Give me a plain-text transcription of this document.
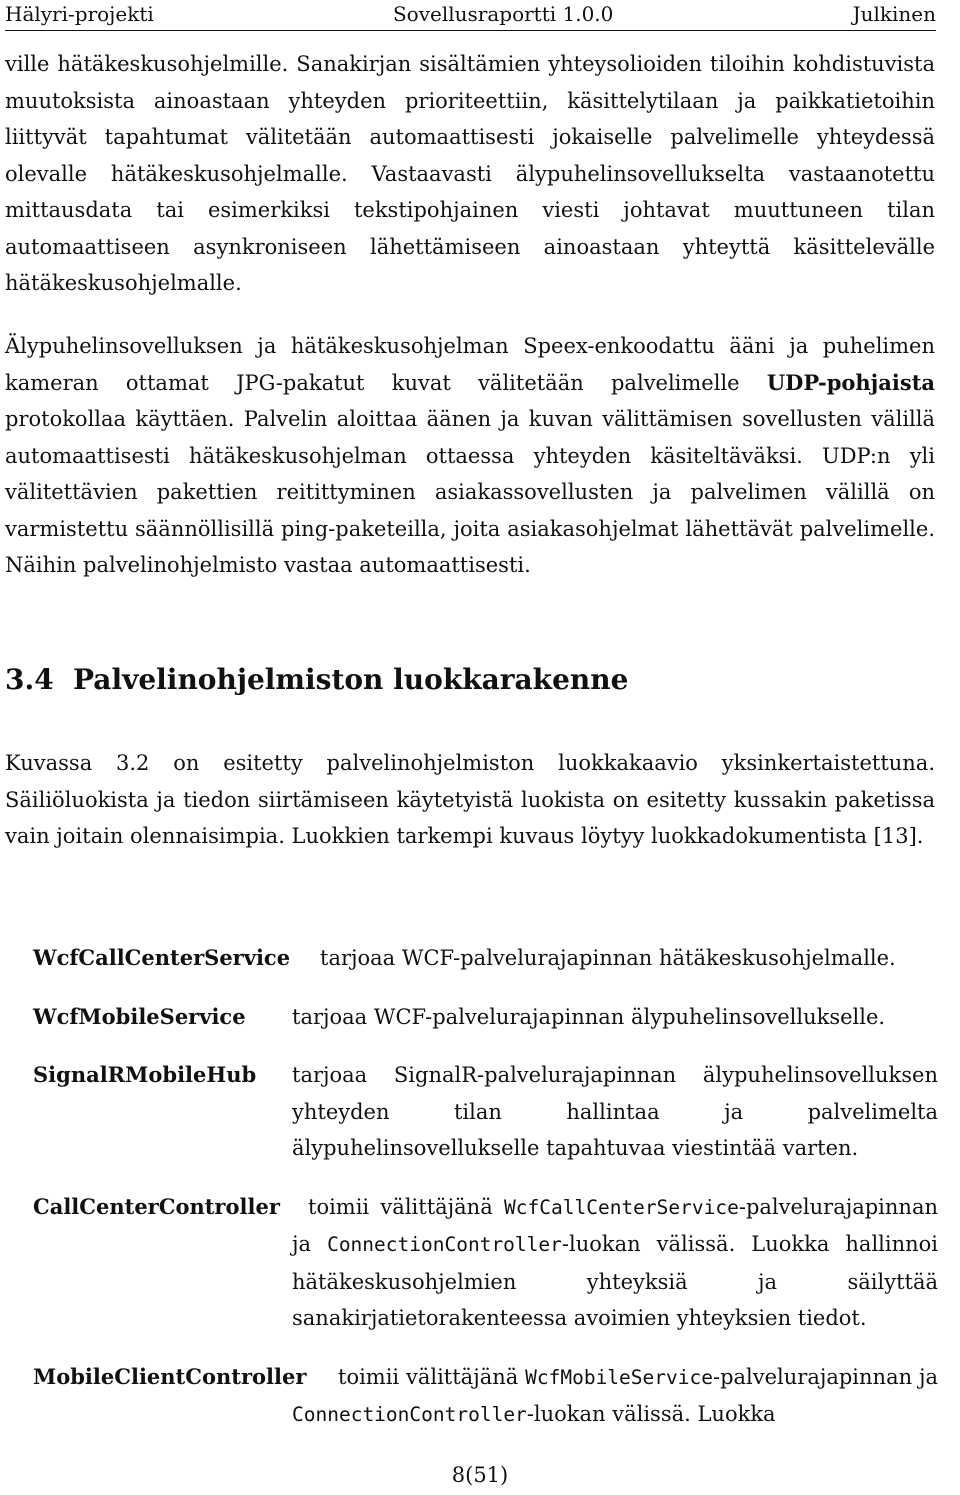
Hälyri-projekti	Sovellusraportti 1.0.0	Julkinen

ville hätäkeskusohjelmille. Sanakirjan sisältämien yhteysolioiden tiloihin kohdistuvista muutoksista ainoastaan yhteyden prioriteettiin, käsittelytilaan ja paikkatietoihin liittyvät tapahtumat välitetään automaattisesti jokaiselle palvelimelle yhteydessä olevalle hätäkeskusohjelmalle. Vastaavasti älypuhelinsovellukselta vastaanotettu mittausdata tai esimerkiksi tekstipohjainen viesti johtavat muuttuneen tilan automaattiseen asynkroniseen lähettämiseen ainoastaan yhteyttä käsittelevälle hätäkeskusohjelmalle.

Älypuhelinsovelluksen ja hätäkeskusohjelman Speex-enkoodattu ääni ja puhelimen kameran ottamat JPG-pakatut kuvat välitetään palvelimelle UDP-pohjaista protokollaa käyttäen. Palvelin aloittaa äänen ja kuvan välittämisen sovellusten välillä automaattisesti hätäkeskusohjelman ottaessa yhteyden käsiteltäväksi. UDP:n yli välitettävien pakettien reitittyminen asiakassovellusten ja palvelimen välillä on varmistettu säännöllisillä ping-paketeilla, joita asiakasohjelmat lähettävät palvelimelle. Näihin palvelinohjelmisto vastaa automaattisesti.

3.4 Palvelinohjelmiston luokkarakenne

Kuvassa 3.2 on esitetty palvelinohjelmiston luokkakaavio yksinkertaistettuna. Säiliöluokista ja tiedon siirtämiseen käytetyistä luokista on esitetty kussakin paketissa vain joitain olennaisimpia. Luokkien tarkempi kuvaus löytyy luokkadokumentista [13].

WcfCallCenterService	tarjoaa WCF-palvelurajapinnan hätäkeskusohjelmalle.
WcfMobileService	tarjoaa WCF-palvelurajapinnan älypuhelinsovellukselle.
SignalRMobileHub	tarjoaa SignalR-palvelurajapinnan älypuhelinsovelluksen yhteyden tilan hallintaa ja palvelimelta älypuhelinsovellukselle tapahtuvaa viestintää varten.
CallCenterController	toimii välittäjänä WcfCallCenterService-palvelurajapinnan ja ConnectionController-luokan välissä. Luokka hallinnoi hätäkeskusohjelmien yhteyksiä ja säilyttää sanakirjatietorakenteessa avoimien yhteyksien tiedot.
MobileClientController	toimii välittäjänä WcfMobileService-palvelurajapinnan ja ConnectionController-luokan välissä. Luokka
8(51)
